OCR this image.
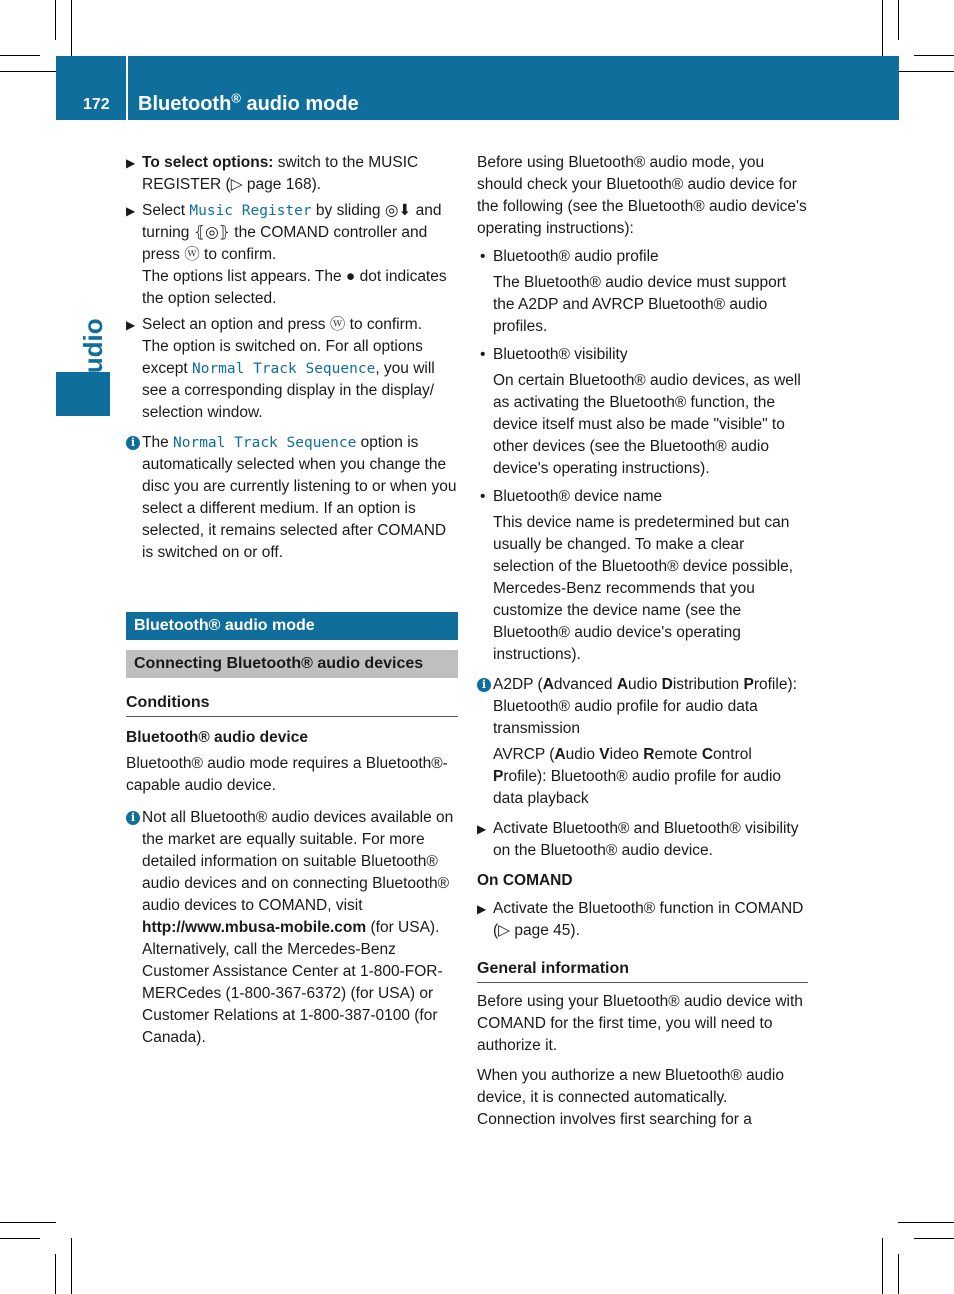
172 Bluetooth® audio mode
Audio
▶ To select options: switch to the MUSIC REGISTER (▷ page 168).
▶ Select Music Register by sliding ◎⬇ and turning ⦃◎⦄ the COMAND controller and press ⓦ to confirm.

The options list appears. The ● dot indicates the option selected.

▶ Select an option and press ⓦ to confirm.

The option is switched on. For all options except Normal Track Sequence, you will see a corresponding display in the display/ selection window.

i The Normal Track Sequence option is automatically selected when you change the disc you are currently listening to or when you select a different medium. If an option is selected, it remains selected after COMAND is switched on or off.
Bluetooth® audio mode
Connecting Bluetooth® audio devices
Conditions

Bluetooth® audio device

Bluetooth® audio mode requires a Bluetooth®-capable audio device.

i Not all Bluetooth® audio devices available on the market are equally suitable. For more detailed information on suitable Bluetooth® audio devices and on connecting Bluetooth® audio devices to COMAND, visit

http://www.mbusa-mobile.com (for USA). Alternatively, call the Mercedes-Benz Customer Assistance Center at 1-800-FOR-MERCedes (1-800-367-6372) (for USA) or Customer Relations at 1-800-387-0100 (for Canada).

Before using Bluetooth® audio mode, you should check your Bluetooth® audio device for the following (see the Bluetooth® audio device's operating instructions):

• Bluetooth® audio profile

The Bluetooth® audio device must support the A2DP and AVRCP Bluetooth® audio profiles.

• Bluetooth® visibility

On certain Bluetooth® audio devices, as well as activating the Bluetooth® function, the device itself must also be made "visible" to other devices (see the Bluetooth® audio device's operating instructions).

• Bluetooth® device name

This device name is predetermined but can usually be changed. To make a clear selection of the Bluetooth® device possible, Mercedes-Benz recommends that you customize the device name (see the Bluetooth® audio device's operating instructions).

i A2DP (Advanced Audio Distribution Profile): Bluetooth® audio profile for audio data transmission

AVRCP (Audio Video Remote Control Profile): Bluetooth® audio profile for audio data playback

▶ Activate Bluetooth® and Bluetooth® visibility on the Bluetooth® audio device.

On COMAND

▶ Activate the Bluetooth® function in COMAND (▷ page 45).
General information

Before using your Bluetooth® audio device with COMAND for the first time, you will need to authorize it.

When you authorize a new Bluetooth® audio device, it is connected automatically. Connection involves first searching for a
